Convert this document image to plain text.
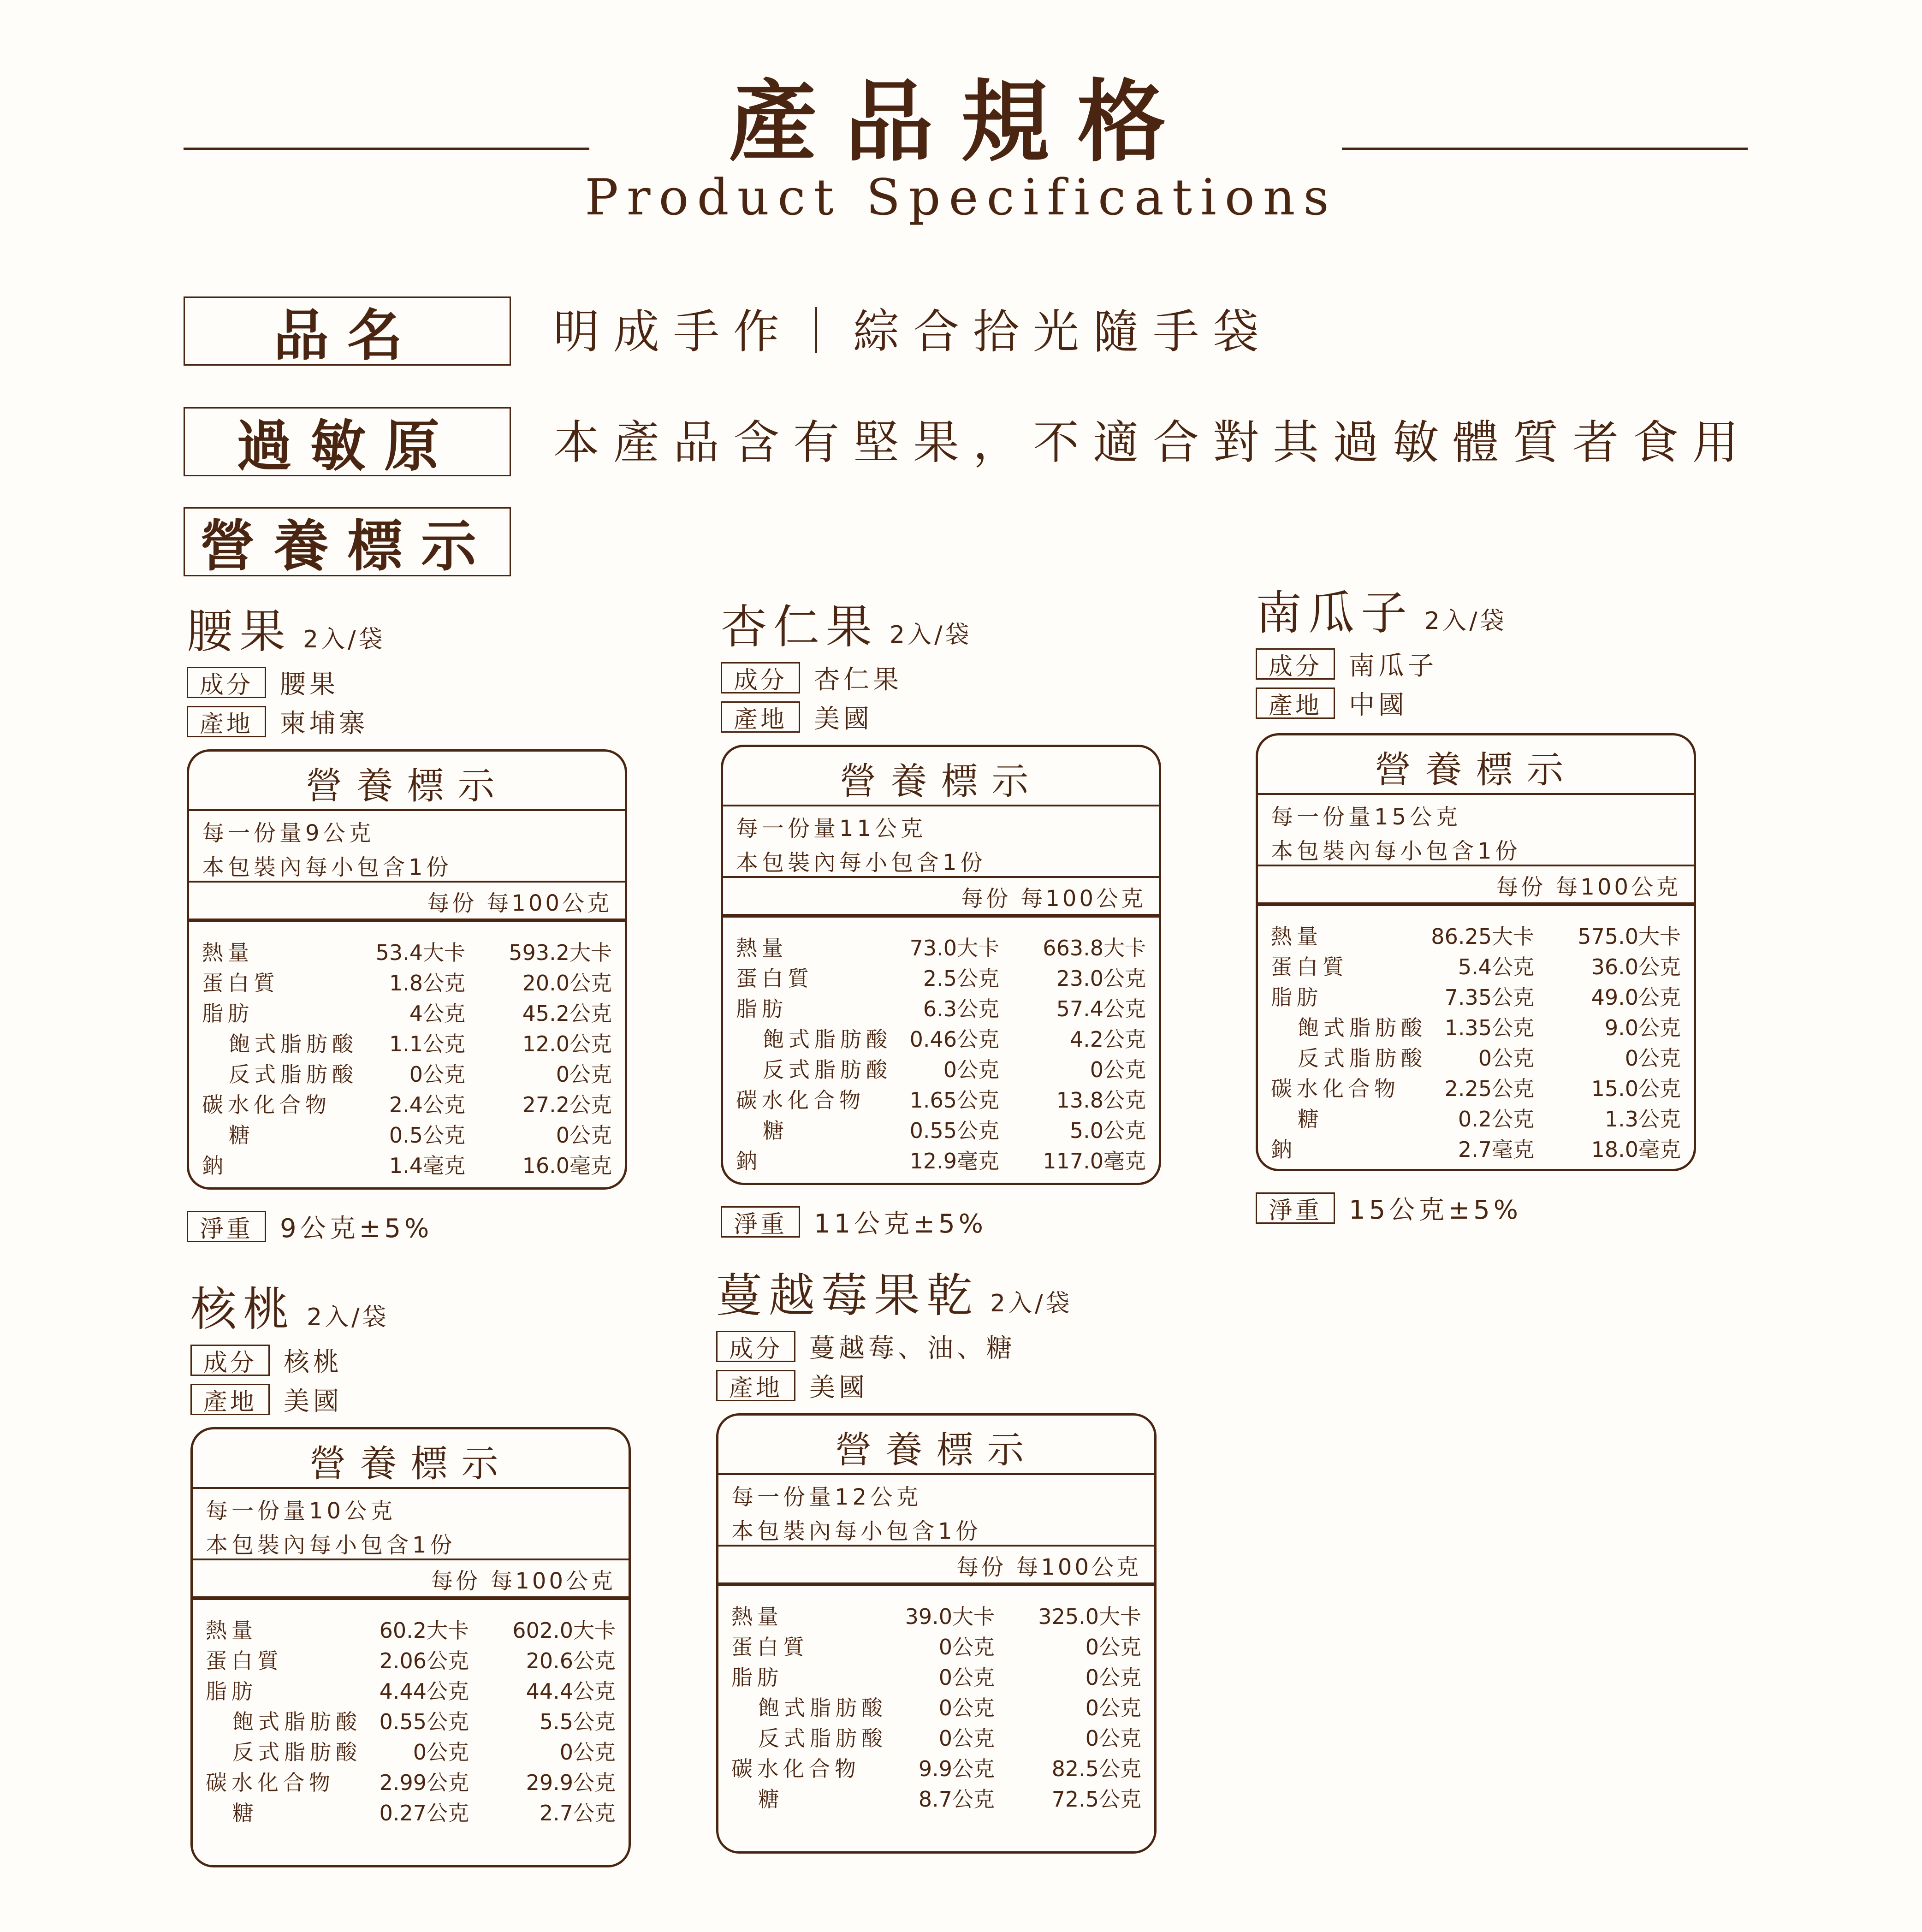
產品規格
Product Specifications
品名	明成手作｜綜合拾光隨手袋
過敏原	本產品含有堅果，不適合對其過敏體質者食用
營養標示
腰果 2入/袋
成分	腰果
產地	柬埔寨
營養標示
每一份量9公克
本包裝內每小包含1份
每份 每100公克
熱量	53.4大卡 593.2大卡
蛋白質	1.8公克	20.0公克
脂肪	4公克	45.2公克
飽式脂肪酸 1.1公克	12.0公克
反式脂肪酸 0公克	0公克
碳水化合物	2.4公克	27.2公克
糖	0.5公克	0公克
鈉	1.4毫克	16.0毫克
淨重	9公克±5%
杏仁果 2入/袋
成分	杏仁果
產地	美國
營養標示
每一份量11公克
本包裝內每小包含1份
每份 每100公克
熱量	73.0大卡 663.8大卡
蛋白質	2.5公克	23.0公克
脂肪	6.3公克	57.4公克
飽式脂肪酸 0.46公克	4.2公克
反式脂肪酸 0公克	0公克
碳水化合物 1.65公克	13.8公克
糖	0.55公克	5.0公克
鈉	12.9毫克 117.0毫克
淨重	11公克±5%
南瓜子 2入/袋
成分	南瓜子
產地	中國
營養標示
每一份量15公克
本包裝內每小包含1份
每份 每100公克
熱量	86.25大卡 575.0大卡
蛋白質	5.4公克	36.0公克
脂肪	7.35公克	49.0公克
飽式脂肪酸 1.35公克	9.0公克
反式脂肪酸 0公克	0公克
碳水化合物 2.25公克	15.0公克
糖	0.2公克	1.3公克
鈉	2.7毫克	18.0毫克
淨重	15公克±5%
核桃 2入/袋
成分	核桃
產地	美國
營養標示
每一份量10公克
本包裝內每小包含1份
每份 每100公克
熱量	60.2大卡 602.0大卡
蛋白質	2.06公克	20.6公克
脂肪	4.44公克	44.4公克
飽式脂肪酸 0.55公克	5.5公克
反式脂肪酸 0公克	0公克
碳水化合物 2.99公克	29.9公克
糖	0.27公克	2.7公克
蔓越莓果乾 2入/袋
成分	蔓越莓、油、糖
產地	美國
營養標示
每一份量12公克
本包裝內每小包含1份
每份 每100公克
熱量	39.0大卡 325.0大卡
蛋白質	0公克	0公克
脂肪	0公克	0公克
飽式脂肪酸 0公克	0公克
反式脂肪酸 0公克	0公克
碳水化合物	9.9公克	82.5公克
糖	8.7公克	72.5公克
